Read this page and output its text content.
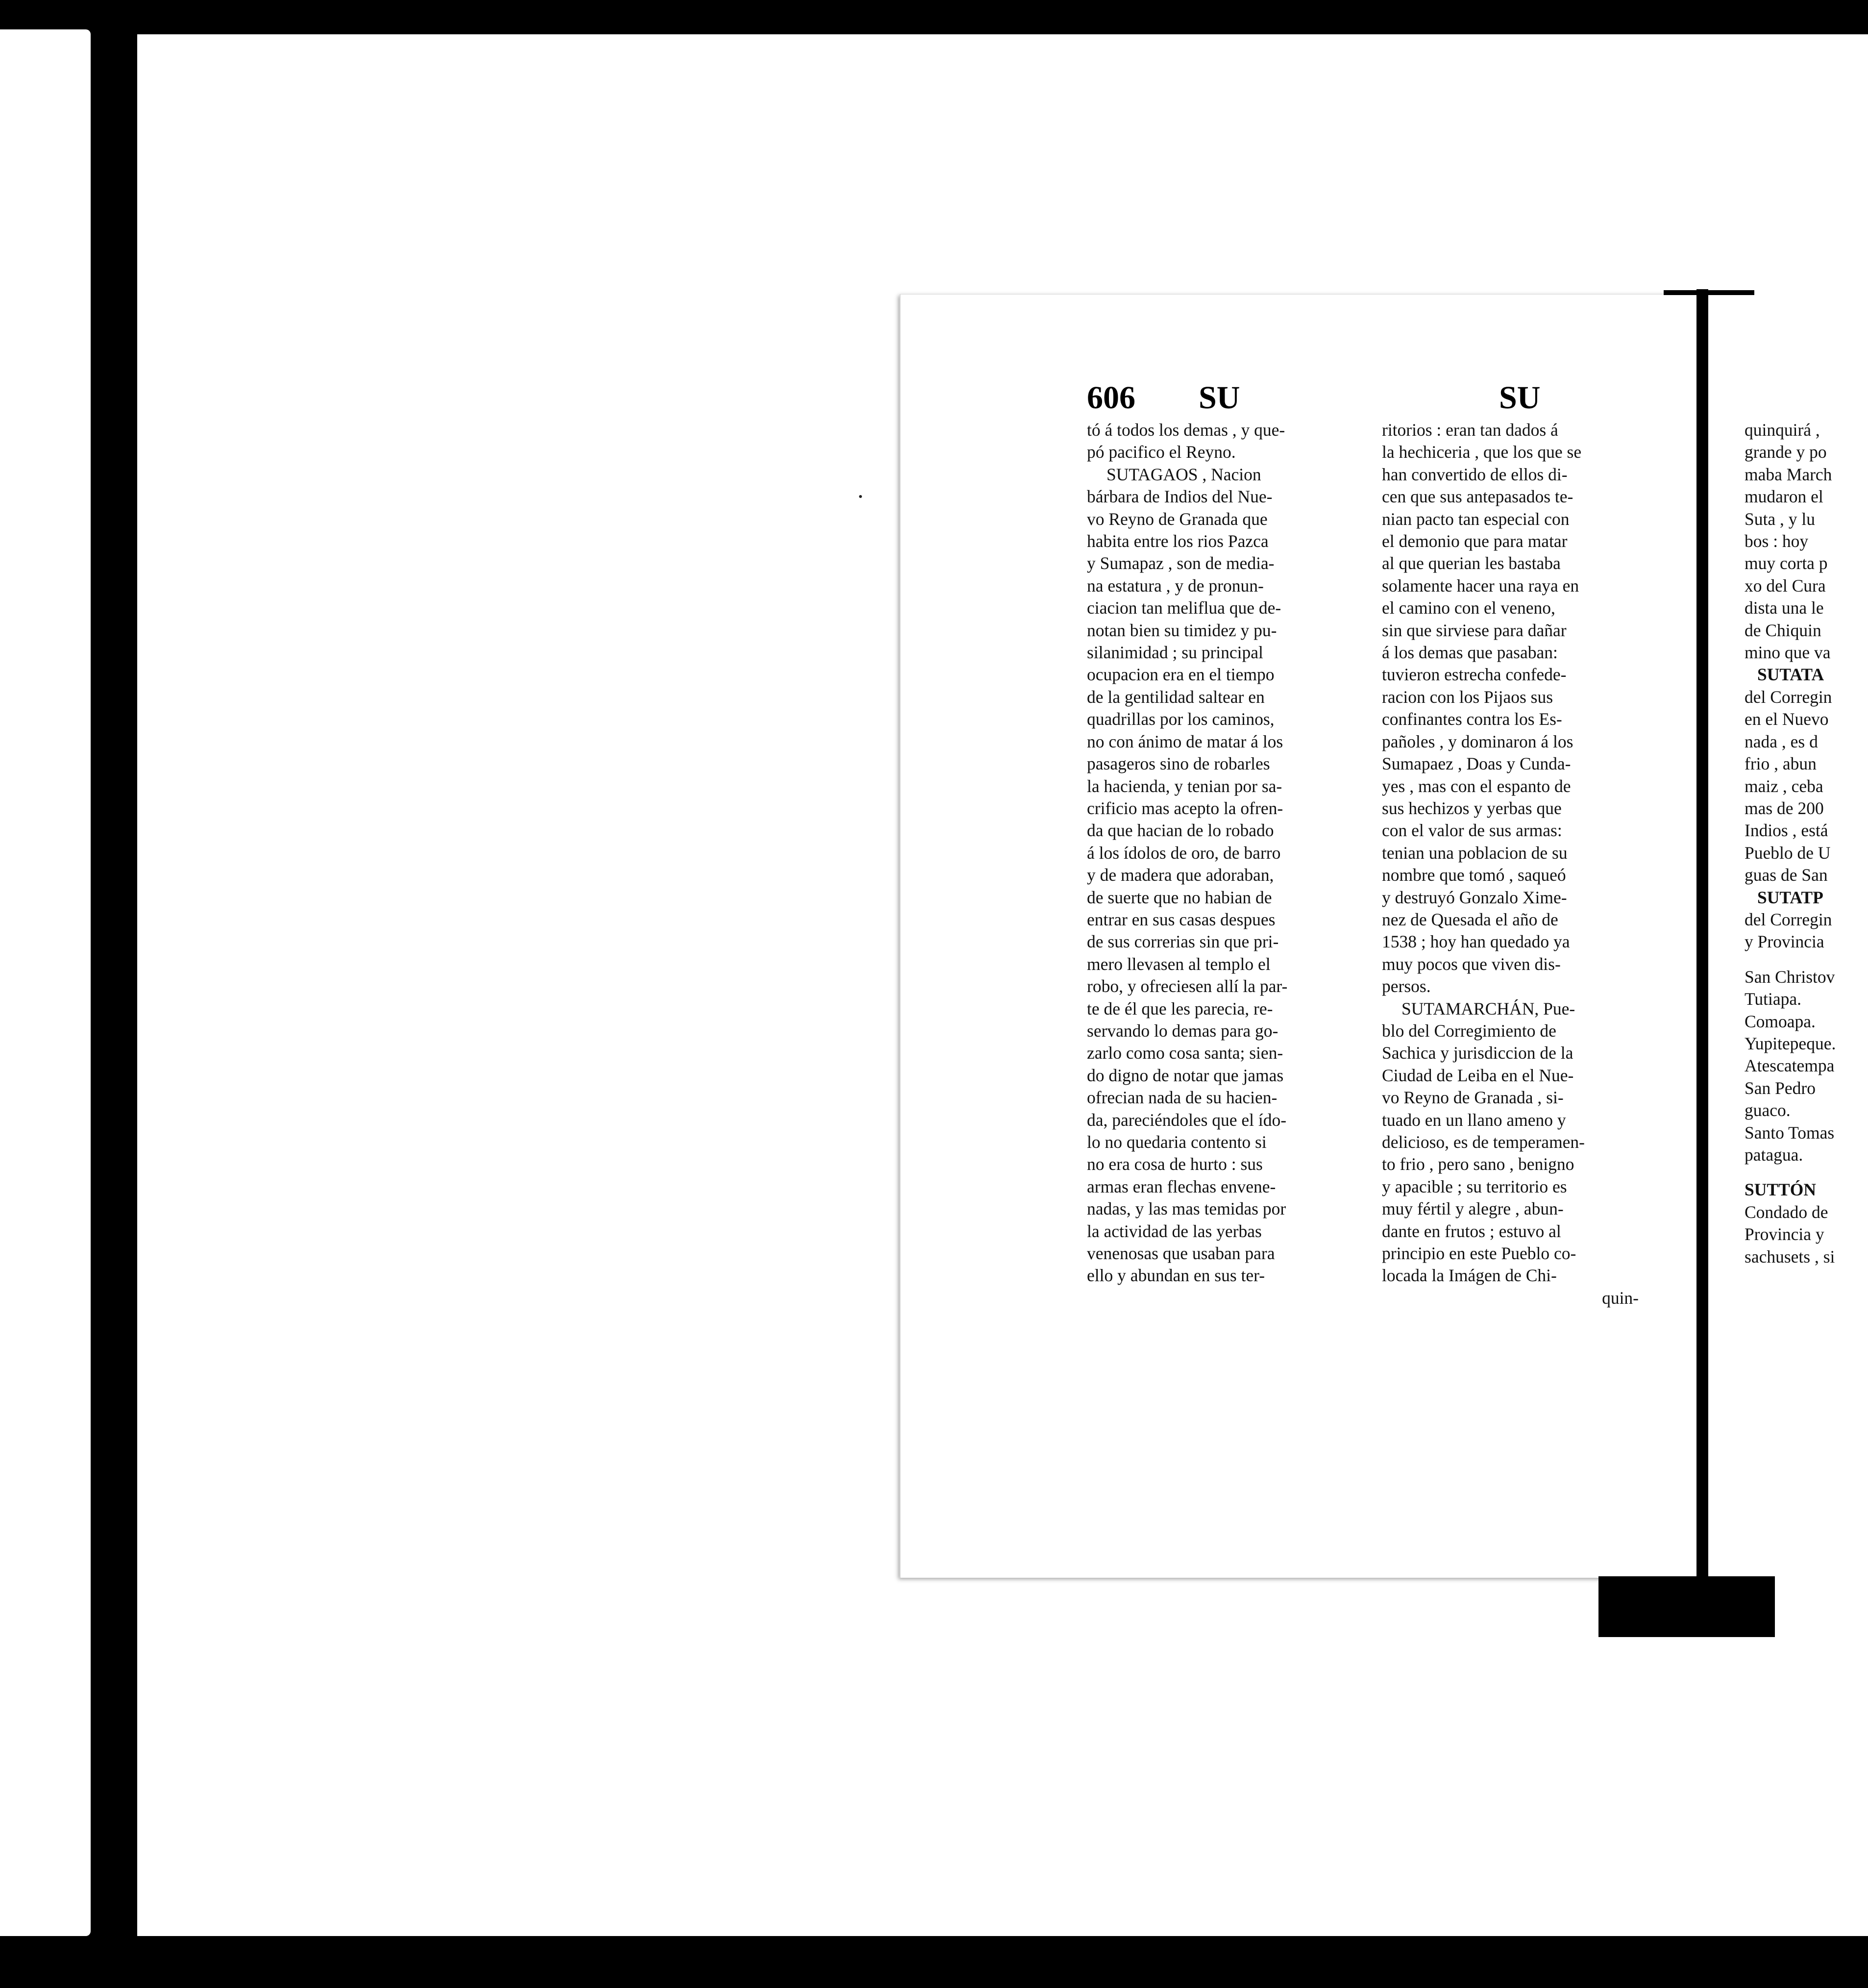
606 SU	SU
tó á todos los demas , y que-
pó pacifico el Reyno.
SUTAGAOS , Nacion
bárbara de Indios del Nue-
vo Reyno de Granada que
habita entre los rios Pazca
y Sumapaz , son de media-
na estatura , y de pronun-
ciacion tan meliflua que de-
notan bien su timidez y pu-
silanimidad ; su principal
ocupacion era en el tiempo
de la gentilidad saltear en
quadrillas por los caminos,
no con ánimo de matar á los
pasageros sino de robarles
la hacienda, y tenian por sa-
crificio mas acepto la ofren-
da que hacian de lo robado
á los ídolos de oro, de barro
y de madera que adoraban,
de suerte que no habian de
entrar en sus casas despues
de sus correrias sin que pri-
mero llevasen al templo el
robo, y ofreciesen allí la par-
te de él que les parecia, re-
servando lo demas para go-
zarlo como cosa santa; sien-
do digno de notar que jamas
ofrecian nada de su hacien-
da, pareciéndoles que el ído-
lo no quedaria contento si
no era cosa de hurto : sus
armas eran flechas envene-
nadas, y las mas temidas por
la actividad de las yerbas
venenosas que usaban para
ello y abundan en sus ter-
ritorios : eran tan dados á
la hechiceria , que los que se
han convertido de ellos di-
cen que sus antepasados te-
nian pacto tan especial con
el demonio que para matar
al que querian les bastaba
solamente hacer una raya en
el camino con el veneno,
sin que sirviese para dañar
á los demas que pasaban:
tuvieron estrecha confede-
racion con los Pijaos sus
confinantes contra los Es-
pañoles , y dominaron á los
Sumapaez , Doas y Cunda-
yes , mas con el espanto de
sus hechizos y yerbas que
con el valor de sus armas:
tenian una poblacion de su
nombre que tomó , saqueó
y destruyó Gonzalo Xime-
nez de Quesada el año de
1538 ; hoy han quedado ya
muy pocos que viven dis-
persos.
SUTAMARCHÁN, Pue-
blo del Corregimiento de
Sachica y jurisdiccion de la
Ciudad de Leiba en el Nue-
vo Reyno de Granada , si-
tuado en un llano ameno y
delicioso, es de temperamen-
to frio , pero sano , benigno
y apacible ; su territorio es
muy fértil y alegre , abun-
dante en frutos ; estuvo al
principio en este Pueblo co-
locada la Imágen de Chi-
quin-
quinquirá ,
grande y po
maba March
mudaron el
Suta , y lu
bos : hoy
muy corta p
xo del Cura
dista una le
de Chiquin
mino que va
SUTATA
del Corregin
en el Nuevo
nada , es d
frio , abun
maiz , ceba
mas de 200
Indios , está
Pueblo de U
guas de San
SUTATP
del Corregin
y Provincia
San Christov
Tutiapa.
Comoapa.
Yupitepeque.
Atescatempa
San Pedro
guaco.
Santo Tomas
patagua.
SUTTÓN
Condado de
Provincia y
sachusets , si
